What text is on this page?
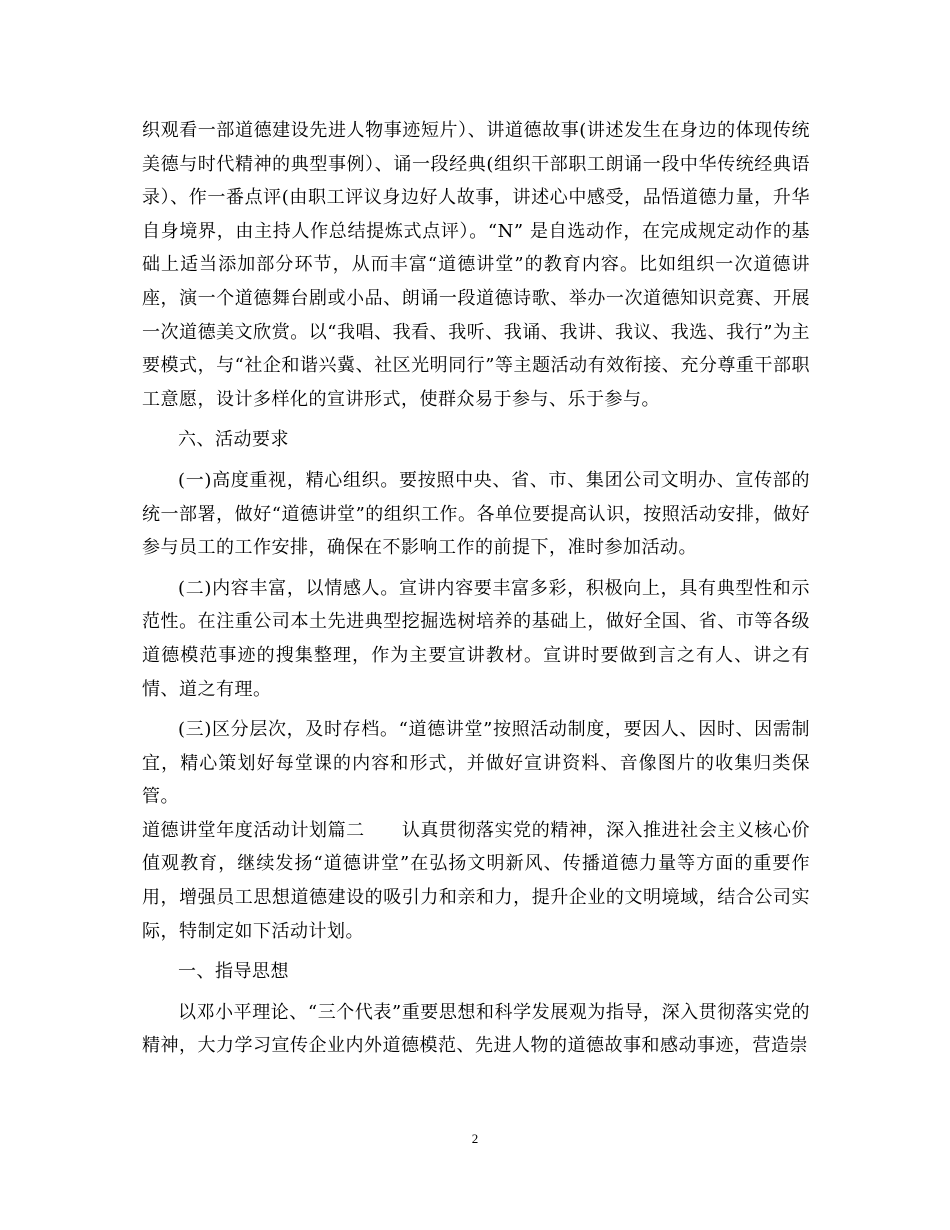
织观看一部道德建设先进人物事迹短片）、讲道德故事(讲述发生在身边的体现传统美德与时代精神的典型事例）、诵一段经典(组织干部职工朗诵一段中华传统经典语录）、作一番点评(由职工评议身边好人故事，讲述心中感受，品悟道德力量，升华自身境界，由主持人作总结提炼式点评）。“N” 是自选动作，在完成规定动作的基础上适当添加部分环节，从而丰富“道德讲堂”的教育内容。比如组织一次道德讲座，演一个道德舞台剧或小品、朗诵一段道德诗歌、举办一次道德知识竞赛、开展一次道德美文欣赏。以“我唱、我看、我听、我诵、我讲、我议、我选、我行”为主要模式，与“社企和谐兴冀、社区光明同行”等主题活动有效衔接、充分尊重干部职工意愿，设计多样化的宣讲形式，使群众易于参与、乐于参与。

六、活动要求

(一)高度重视，精心组织。要按照中央、省、市、集团公司文明办、宣传部的统一部署，做好“道德讲堂”的组织工作。各单位要提高认识，按照活动安排，做好参与员工的工作安排，确保在不影响工作的前提下，准时参加活动。

(二)内容丰富，以情感人。宣讲内容要丰富多彩，积极向上，具有典型性和示范性。在注重公司本土先进典型挖掘选树培养的基础上，做好全国、省、市等各级道德模范事迹的搜集整理，作为主要宣讲教材。宣讲时要做到言之有人、讲之有情、道之有理。

(三)区分层次，及时存档。“道德讲堂”按照活动制度，要因人、因时、因需制宜，精心策划好每堂课的内容和形式，并做好宣讲资料、音像图片的收集归类保管。

道德讲堂年度活动计划篇二　　 认真贯彻落实党的精神，深入推进社会主义核心价值观教育，继续发扬“道德讲堂”在弘扬文明新风、传播道德力量等方面的重要作用，增强员工思想道德建设的吸引力和亲和力，提升企业的文明境域，结合公司实际，特制定如下活动计划。

一、指导思想

以邓小平理论、“三个代表”重要思想和科学发展观为指导，深入贯彻落实党的精神，大力学习宣传企业内外道德模范、先进人物的道德故事和感动事迹，营造崇

2
